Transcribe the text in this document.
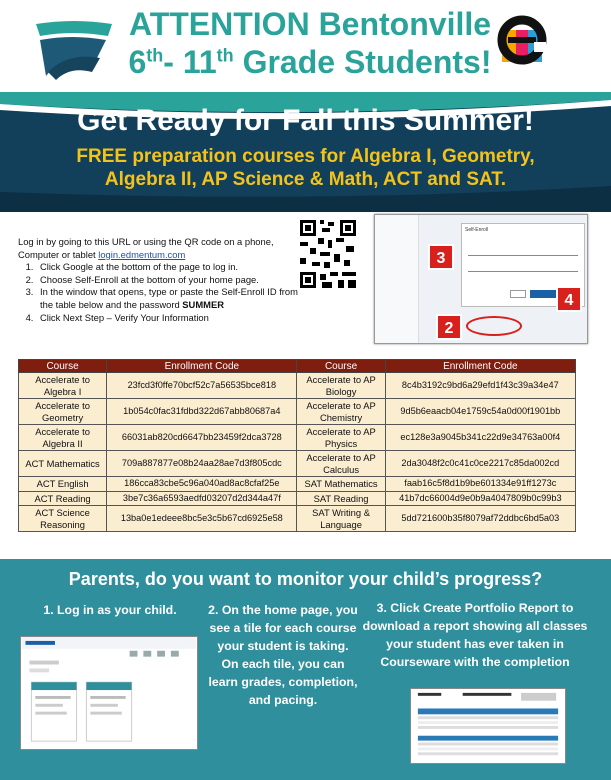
ATTENTION Bentonville
6th- 11th Grade Students!
Get Ready for Fall this Summer!
FREE preparation courses for Algebra I, Geometry, Algebra II, AP Science & Math, ACT and SAT.
Log in by going to this URL or using the QR code on a phone, Computer or tablet login.edmentum.com
1. Click Google at the bottom of the page to log in.
2. Choose Self-Enroll at the bottom of your home page.
3. In the window that opens, type or paste the Self-Enroll ID from the table below and the password SUMMER
4. Click Next Step – Verify Your Information
Self-Enroll
3
4
2
Course	Enrollment Code	Course	Enrollment Code
Accelerate to Algebra I	23fcd3f0ffe70bcf52c7a56535bce818	Accelerate to AP Biology	8c4b3192c9bd6a29efd1f43c39a34e47
Accelerate to Geometry	1b054c0fac31fdbd322d67abb80687a4	Accelerate to AP Chemistry	9d5b6eaacb04e1759c54a0d00f1901bb
Accelerate to Algebra II	66031ab820cd6647bb23459f2dca3728	Accelerate to AP Physics	ec128e3a9045b341c22d9e34763a00f4
ACT Mathematics	709a887877e08b24aa28ae7d3f805cdc	Accelerate to AP Calculus	2da3048f2c0c41c0ce2217c85da002cd
ACT English	186cca83cbe5c96a040ad8ac8cfaf25e	SAT Mathematics	faab16c5f8d1b9be601334e91ff1273c
ACT Reading	3be7c36a6593aedfd03207d2d344a47f	SAT Reading	41b7dc66004d9e0b9a4047809b0c99b3
ACT Science Reasoning	13ba0e1edeee8bc5e3c5b67cd6925e58	SAT Writing & Language	5dd721600b35f8079af72ddbc6bd5a03
Parents, do you want to monitor your child’s progress?
1. Log in as your child.	2. On the home page, you see a tile for each course your student is taking. On each tile, you can learn grades, completion, and pacing.
3. Click Create Portfolio Report to download a report showing all classes your student has ever taken in Courseware with the completion
